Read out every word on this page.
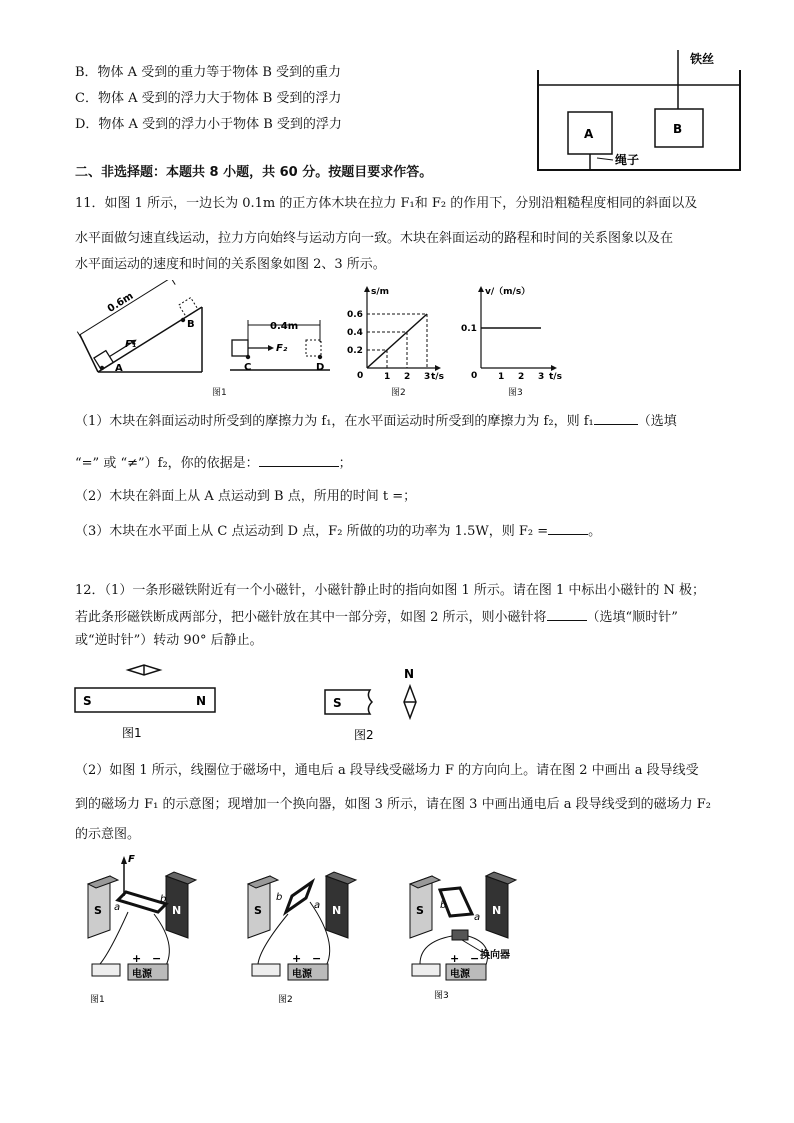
B．物体 A 受到的重力等于物体 B 受到的重力
C．物体 A 受到的浮力大于物体 B 受到的浮力
D．物体 A 受到的浮力小于物体 B 受到的浮力
铁丝
A	B
绳子
二、非选择题：本题共 8 小题，共 60 分。按题目要求作答。
11．如图 1 所示，一边长为 0.1m 的正方体木块在拉力 F₁和 F₂ 的作用下，分别沿粗糙程度相同的斜面以及
水平面做匀速直线运动，拉力方向始终与运动方向一致。木块在斜面运动的路程和时间的关系图象以及在
水平面运动的速度和时间的关系图象如图 2、3 所示。
A
B
F₁
0.6m
F₂
0.4m
C	D
图1
s/m
t/s
0 1 2 3
0.6
0.4
0.2
图2
v/（m/s）
t/s
0 1 2 3
0.1
图3
（1）木块在斜面运动时所受到的摩擦力为 f₁，在水平面运动时所受到的摩擦力为 f₂，则 f₁	（选填
“=” 或 “≠”）f₂，你的依据是：	；
（2）木块在斜面上从 A 点运动到 B 点，所用的时间 t =；
（3）木块在水平面上从 C 点运动到 D 点，F₂ 所做的功的功率为 1.5W，则 F₂ =	。
12．（1）一条形磁铁附近有一个小磁针，小磁针静止时的指向如图 1 所示。请在图 1 中标出小磁针的 N 极；
若此条形磁铁断成两部分，把小磁针放在其中一部分旁，如图 2 所示，则小磁针将	（选填“顺时针”
或“逆时针”）转动 90° 后静止。
S	N
图1
S
N
图2
（2）如图 1 所示，线圈位于磁场中，通电后 a 段导线受磁场力 F 的方向向上。请在图 2 中画出 a 段导线受
到的磁场力 F₁ 的示意图；现增加一个换向器，如图 3 所示，请在图 3 中画出通电后 a 段导线受到的磁场力 F₂
的示意图。
S	N
F
a
b
电源
+ −
图1
S	N
b
a
电源
+ −
图2
S	N
b
a
换向器
电源
+ −
图3
